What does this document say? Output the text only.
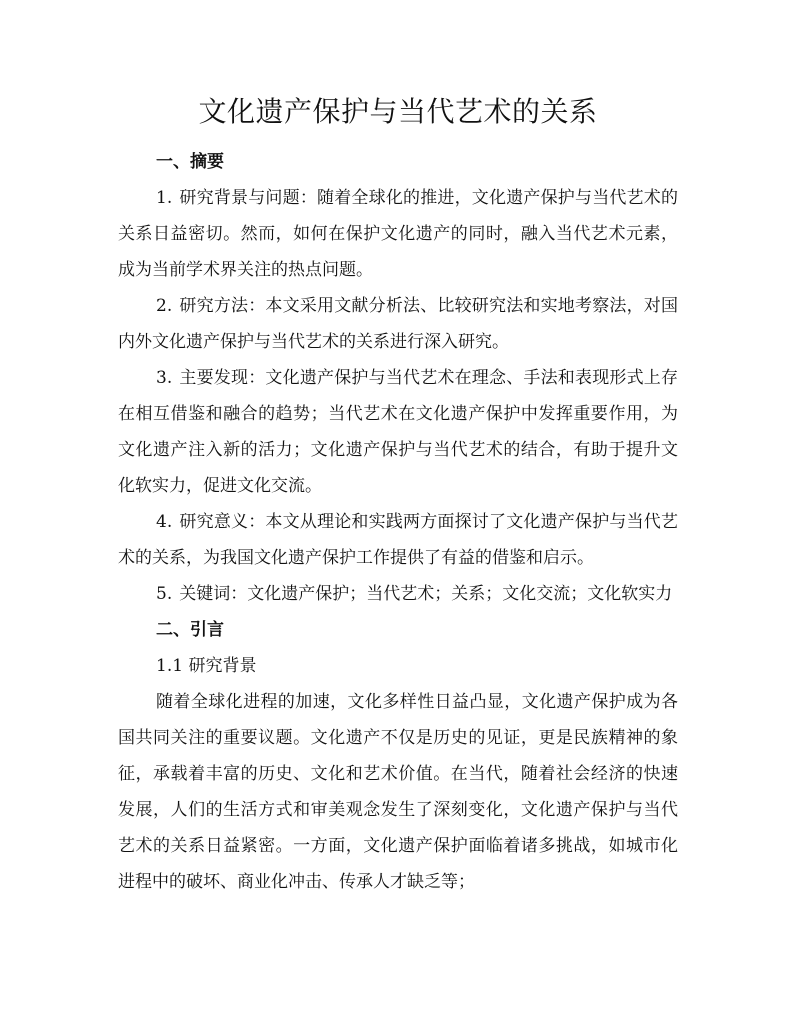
文化遗产保护与当代艺术的关系
一、摘要

1. 研究背景与问题：随着全球化的推进，文化遗产保护与当代艺术的关系日益密切。然而，如何在保护文化遗产的同时，融入当代艺术元素，成为当前学术界关注的热点问题。

2. 研究方法：本文采用文献分析法、比较研究法和实地考察法，对国内外文化遗产保护与当代艺术的关系进行深入研究。

3. 主要发现：文化遗产保护与当代艺术在理念、手法和表现形式上存在相互借鉴和融合的趋势；当代艺术在文化遗产保护中发挥重要作用，为文化遗产注入新的活力；文化遗产保护与当代艺术的结合，有助于提升文化软实力，促进文化交流。

4. 研究意义：本文从理论和实践两方面探讨了文化遗产保护与当代艺术的关系，为我国文化遗产保护工作提供了有益的借鉴和启示。

5. 关键词：文化遗产保护；当代艺术；关系；文化交流；文化软实力

二、引言
1.1 研究背景

随着全球化进程的加速，文化多样性日益凸显，文化遗产保护成为各国共同关注的重要议题。文化遗产不仅是历史的见证，更是民族精神的象征，承载着丰富的历史、文化和艺术价值。在当代，随着社会经济的快速发展，人们的生活方式和审美观念发生了深刻变化，文化遗产保护与当代艺术的关系日益紧密。一方面，文化遗产保护面临着诸多挑战，如城市化进程中的破坏、商业化冲击、传承人才缺乏等；
